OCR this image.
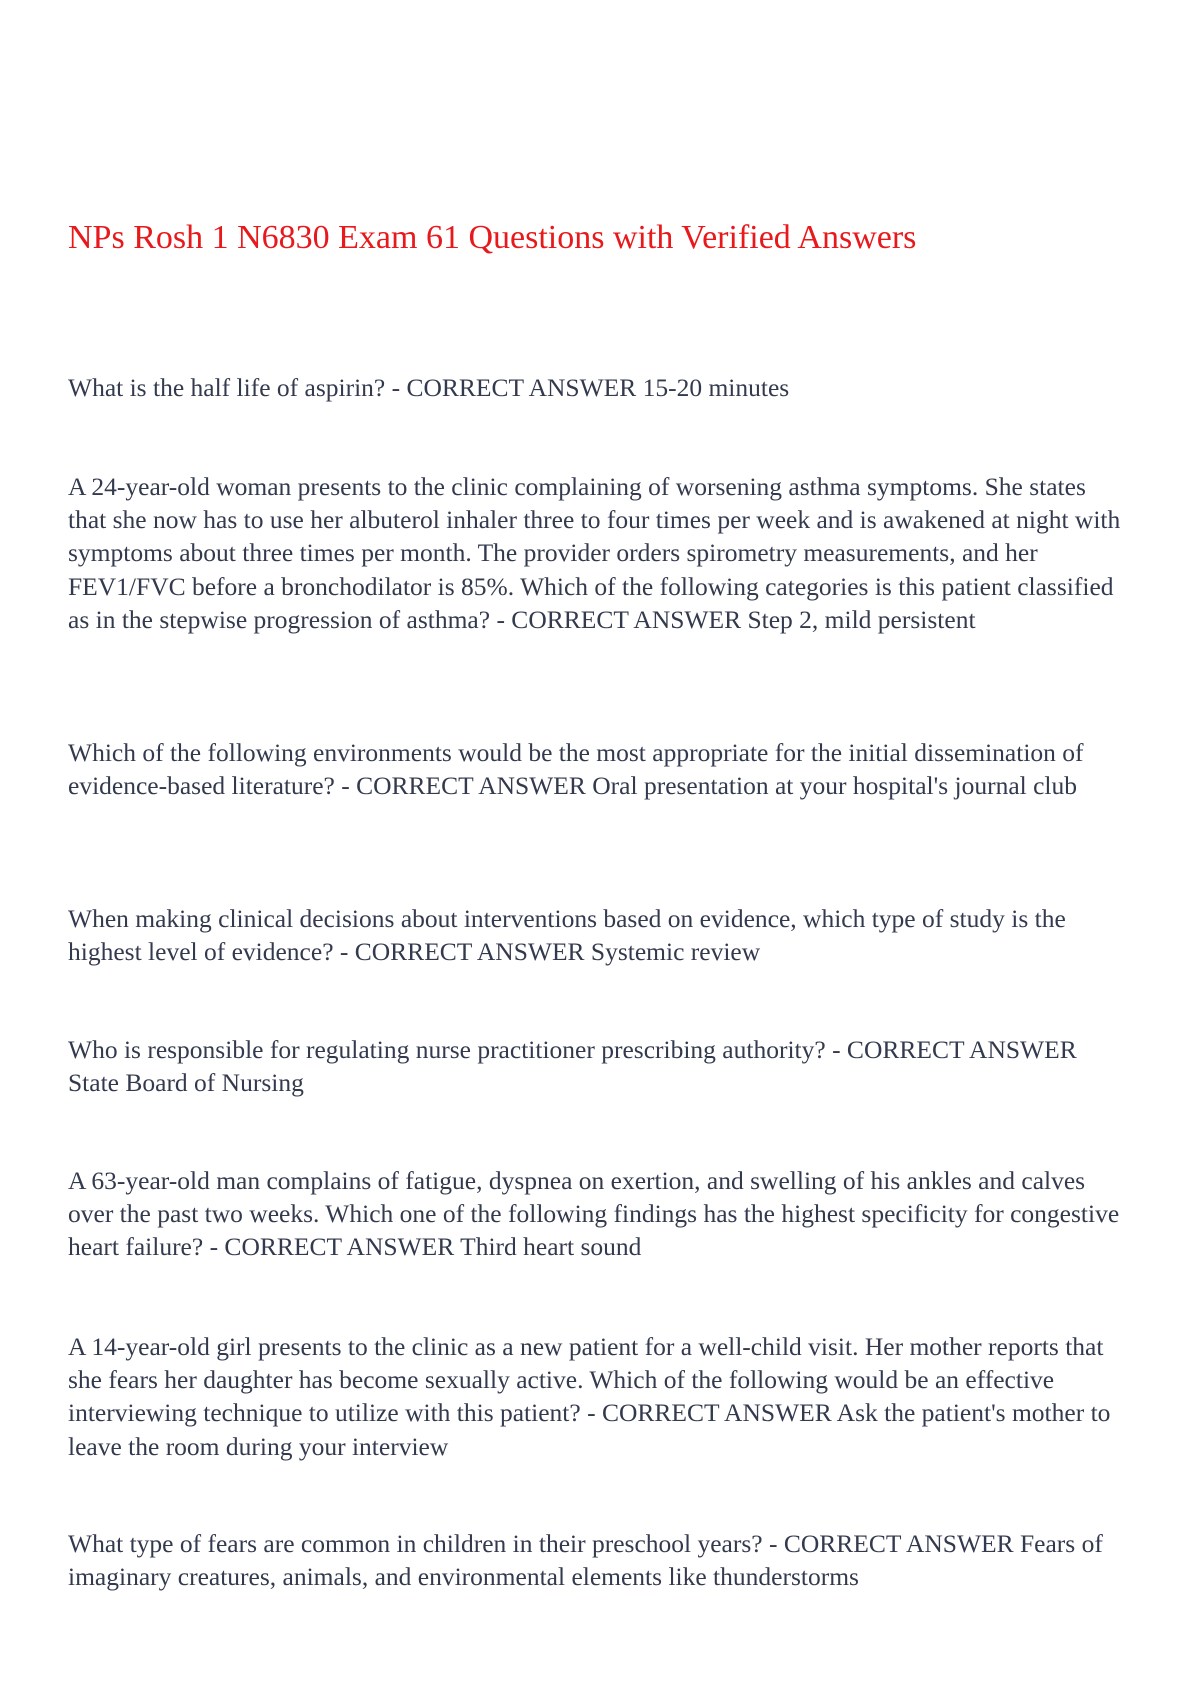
NPs Rosh 1 N6830 Exam 61 Questions with Verified Answers

What is the half life of aspirin? - CORRECT ANSWER 15-20 minutes

A 24-year-old woman presents to the clinic complaining of worsening asthma symptoms. She states that she now has to use her albuterol inhaler three to four times per week and is awakened at night with symptoms about three times per month. The provider orders spirometry measurements, and her FEV1/FVC before a bronchodilator is 85%. Which of the following categories is this patient classified as in the stepwise progression of asthma? - CORRECT ANSWER Step 2, mild persistent

Which of the following environments would be the most appropriate for the initial dissemination of evidence-based literature? - CORRECT ANSWER Oral presentation at your hospital's journal club

When making clinical decisions about interventions based on evidence, which type of study is the highest level of evidence? - CORRECT ANSWER Systemic review

Who is responsible for regulating nurse practitioner prescribing authority? - CORRECT ANSWER State Board of Nursing

A 63-year-old man complains of fatigue, dyspnea on exertion, and swelling of his ankles and calves over the past two weeks. Which one of the following findings has the highest specificity for congestive heart failure? - CORRECT ANSWER Third heart sound

A 14-year-old girl presents to the clinic as a new patient for a well-child visit. Her mother reports that she fears her daughter has become sexually active. Which of the following would be an effective interviewing technique to utilize with this patient? - CORRECT ANSWER Ask the patient's mother to leave the room during your interview

What type of fears are common in children in their preschool years? - CORRECT ANSWER Fears of imaginary creatures, animals, and environmental elements like thunderstorms
